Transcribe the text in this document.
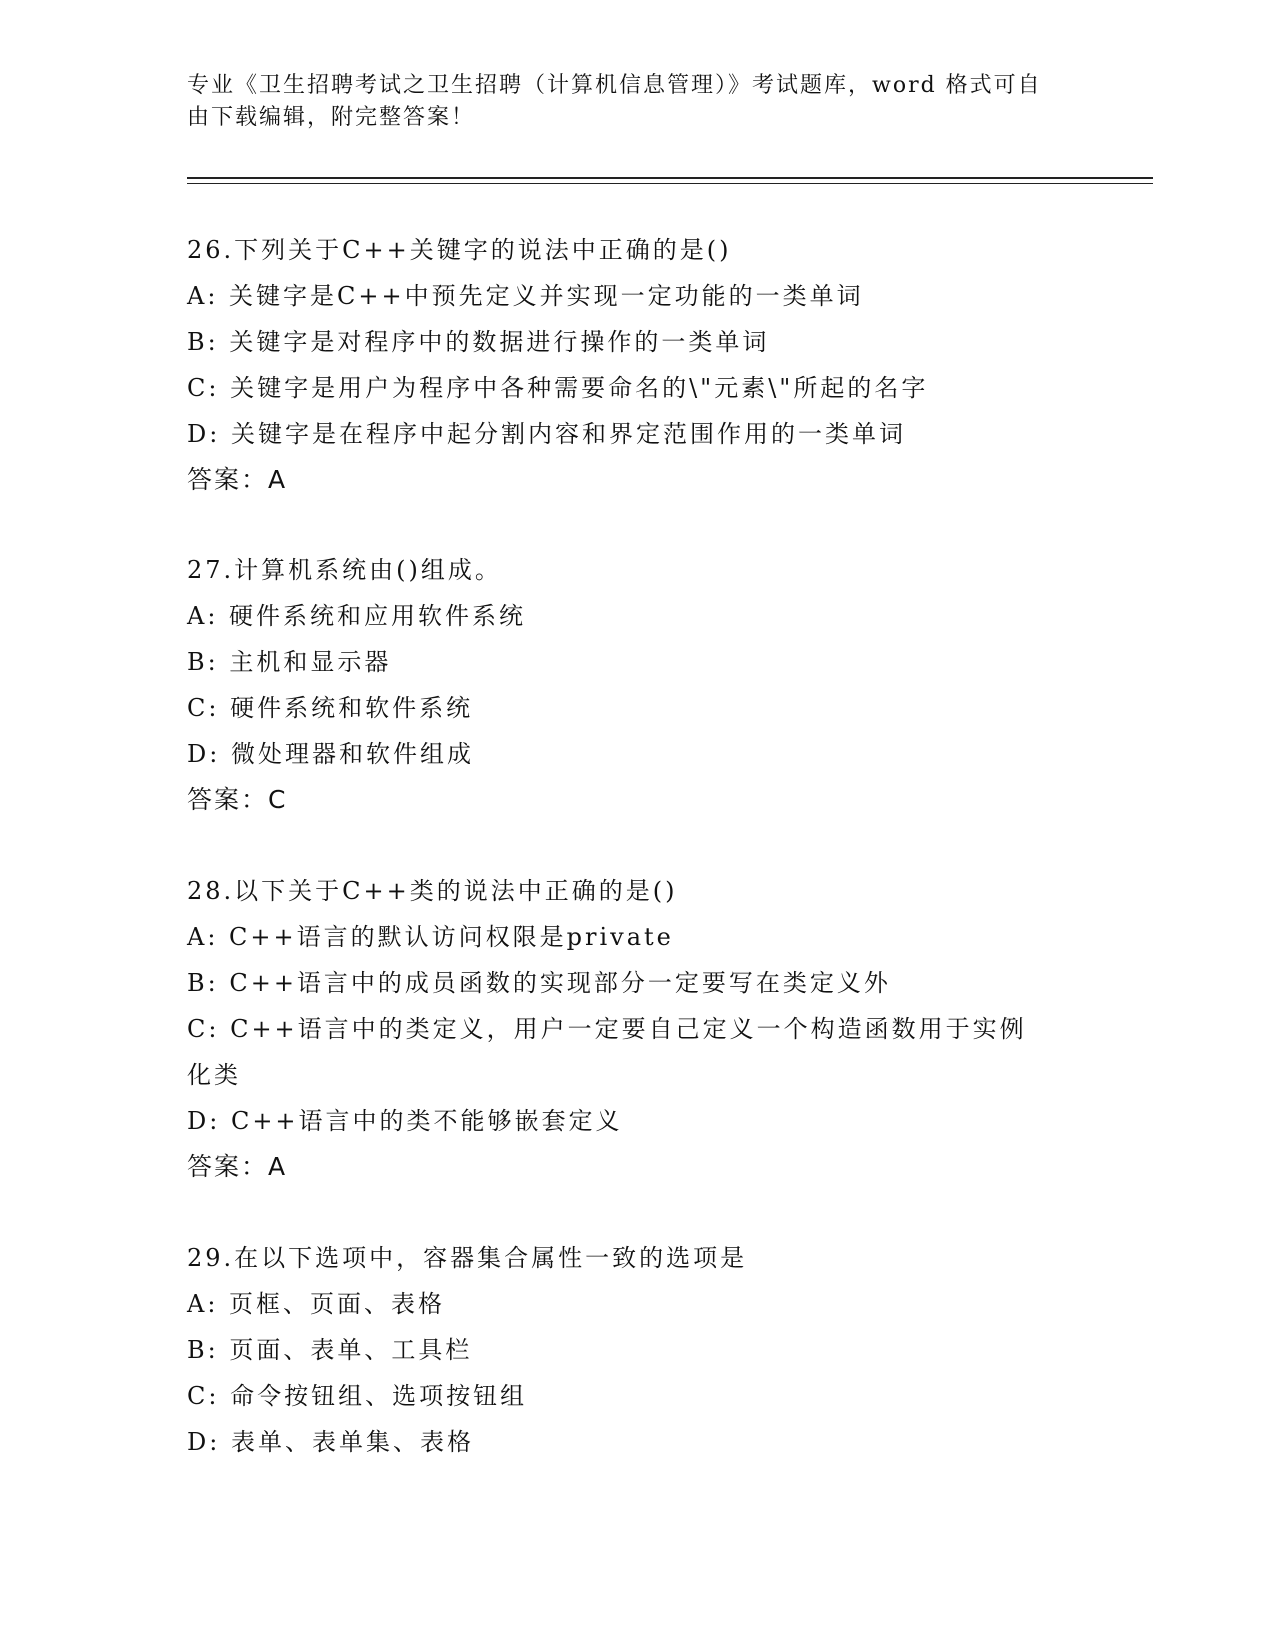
专业《卫生招聘考试之卫生招聘（计算机信息管理）》考试题库，word 格式可自
由下载编辑，附完整答案！
26.下列关于C++关键字的说法中正确的是()
A: 关键字是C++中预先定义并实现一定功能的一类单词
B: 关键字是对程序中的数据进行操作的一类单词
C: 关键字是用户为程序中各种需要命名的\"元素\"所起的名字
D: 关键字是在程序中起分割内容和界定范围作用的一类单词
答案：A
27.计算机系统由()组成。
A: 硬件系统和应用软件系统
B: 主机和显示器
C: 硬件系统和软件系统
D: 微处理器和软件组成
答案：C
28.以下关于C++类的说法中正确的是()
A: C++语言的默认访问权限是private
B: C++语言中的成员函数的实现部分一定要写在类定义外
C: C++语言中的类定义，用户一定要自己定义一个构造函数用于实例化类
D: C++语言中的类不能够嵌套定义
答案：A
29.在以下选项中，容器集合属性一致的选项是
A: 页框、页面、表格
B: 页面、表单、工具栏
C: 命令按钮组、选项按钮组
D: 表单、表单集、表格
